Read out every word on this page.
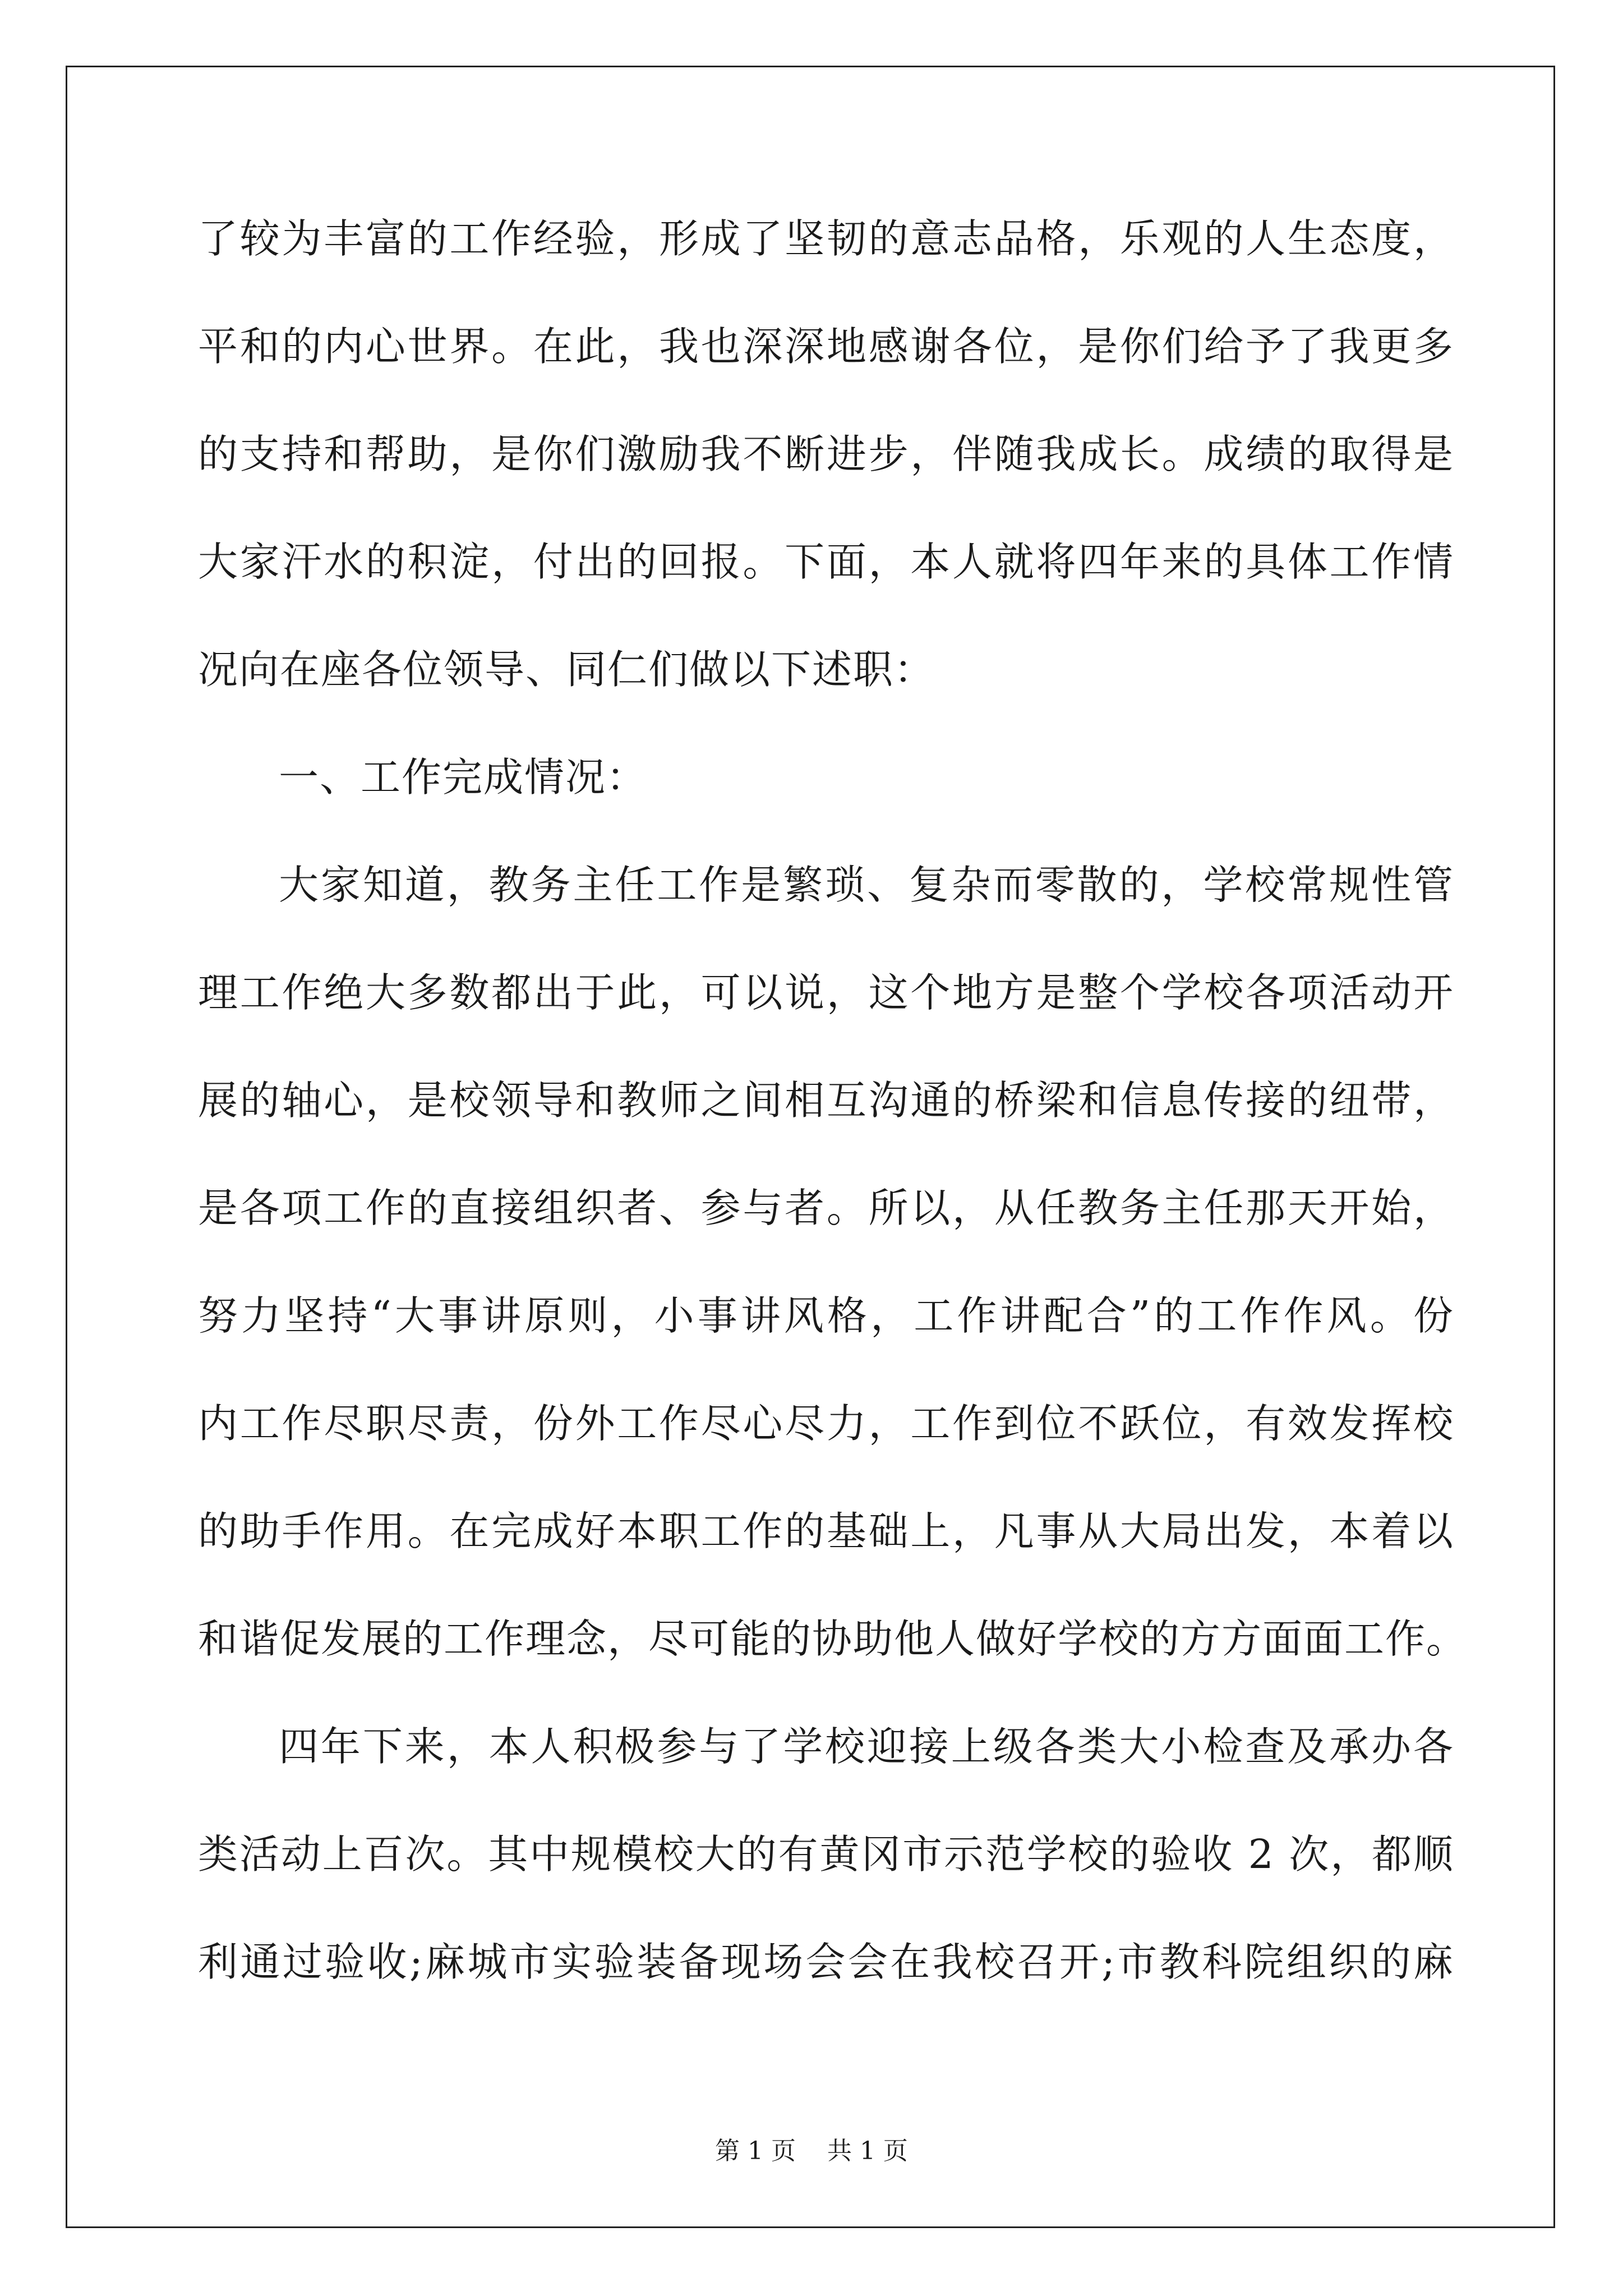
了较为丰富的工作经验，形成了坚韧的意志品格，乐观的人生态度，
平和的内心世界。在此，我也深深地感谢各位，是你们给予了我更多
的支持和帮助，是你们激励我不断进步，伴随我成长。成绩的取得是
大家汗水的积淀，付出的回报。下面，本人就将四年来的具体工作情
况向在座各位领导、同仁们做以下述职：
一、工作完成情况：
大家知道，教务主任工作是繁琐、复杂而零散的，学校常规性管
理工作绝大多数都出于此，可以说，这个地方是整个学校各项活动开
展的轴心，是校领导和教师之间相互沟通的桥梁和信息传接的纽带，
是各项工作的直接组织者、参与者。所以，从任教务主任那天开始，
努力坚持“大事讲原则，小事讲风格，工作讲配合”的工作作风。份
内工作尽职尽责，份外工作尽心尽力，工作到位不跃位，有效发挥校
的助手作用。在完成好本职工作的基础上，凡事从大局出发，本着以
和谐促发展的工作理念，尽可能的协助他人做好学校的方方面面工作。
四年下来，本人积极参与了学校迎接上级各类大小检查及承办各
类活动上百次。其中规模校大的有黄冈市示范学校的验收 2 次，都顺
利通过验收;麻城市实验装备现场会会在我校召开;市教科院组织的麻
第 1 页    共 1 页
